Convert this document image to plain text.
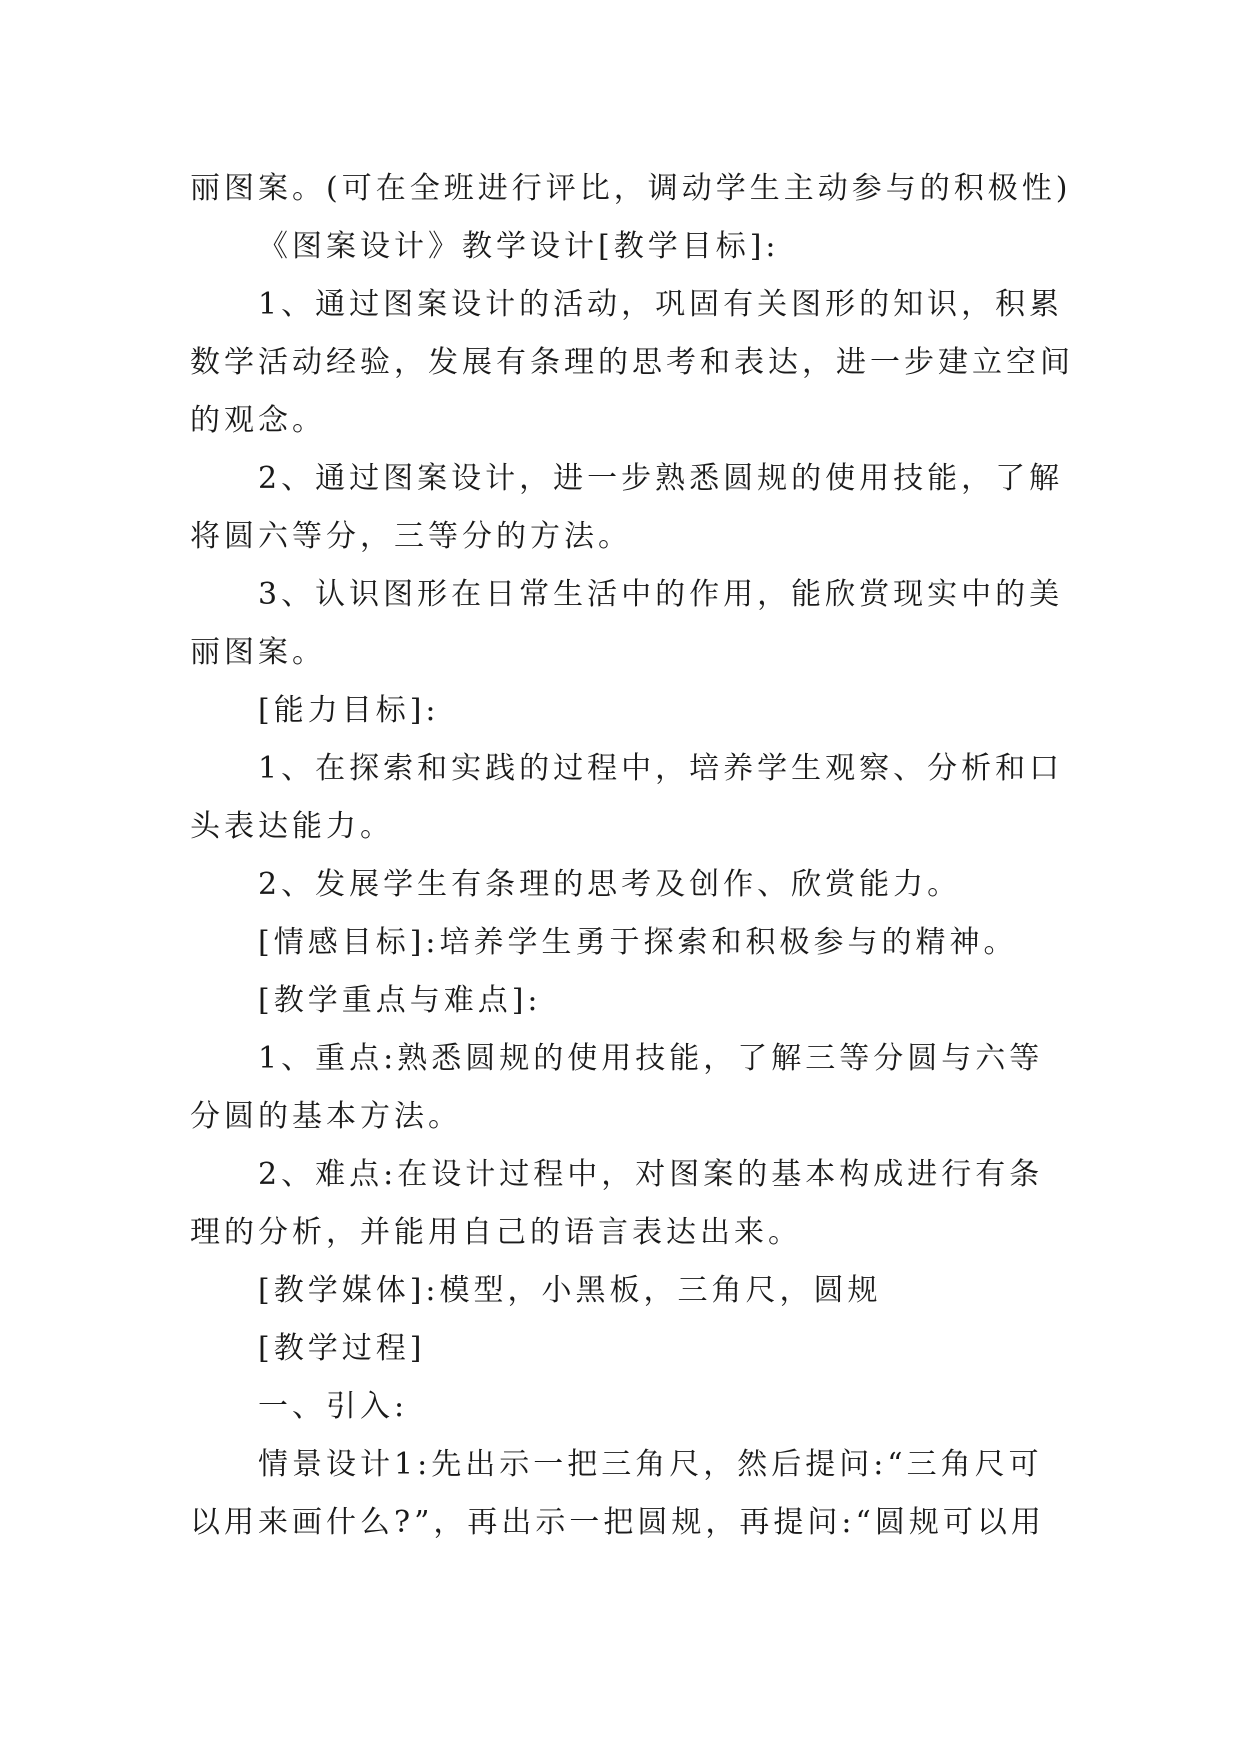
丽图案。(可在全班进行评比，调动学生主动参与的积极性)
《图案设计》教学设计[教学目标]:
1、通过图案设计的活动，巩固有关图形的知识，积累
数学活动经验，发展有条理的思考和表达，进一步建立空间
的观念。
2、通过图案设计，进一步熟悉圆规的使用技能，了解
将圆六等分，三等分的方法。
3、认识图形在日常生活中的作用，能欣赏现实中的美
丽图案。
[能力目标]:
1、在探索和实践的过程中，培养学生观察、分析和口
头表达能力。
2、发展学生有条理的思考及创作、欣赏能力。
[情感目标]:培养学生勇于探索和积极参与的精神。
[教学重点与难点]:
1、重点:熟悉圆规的使用技能，了解三等分圆与六等
分圆的基本方法。
2、难点:在设计过程中，对图案的基本构成进行有条
理的分析，并能用自己的语言表达出来。
[教学媒体]:模型，小黑板，三角尺，圆规
[教学过程]
一、引入:
情景设计1:先出示一把三角尺，然后提问:“三角尺可
以用来画什么?”，再出示一把圆规，再提问:“圆规可以用
